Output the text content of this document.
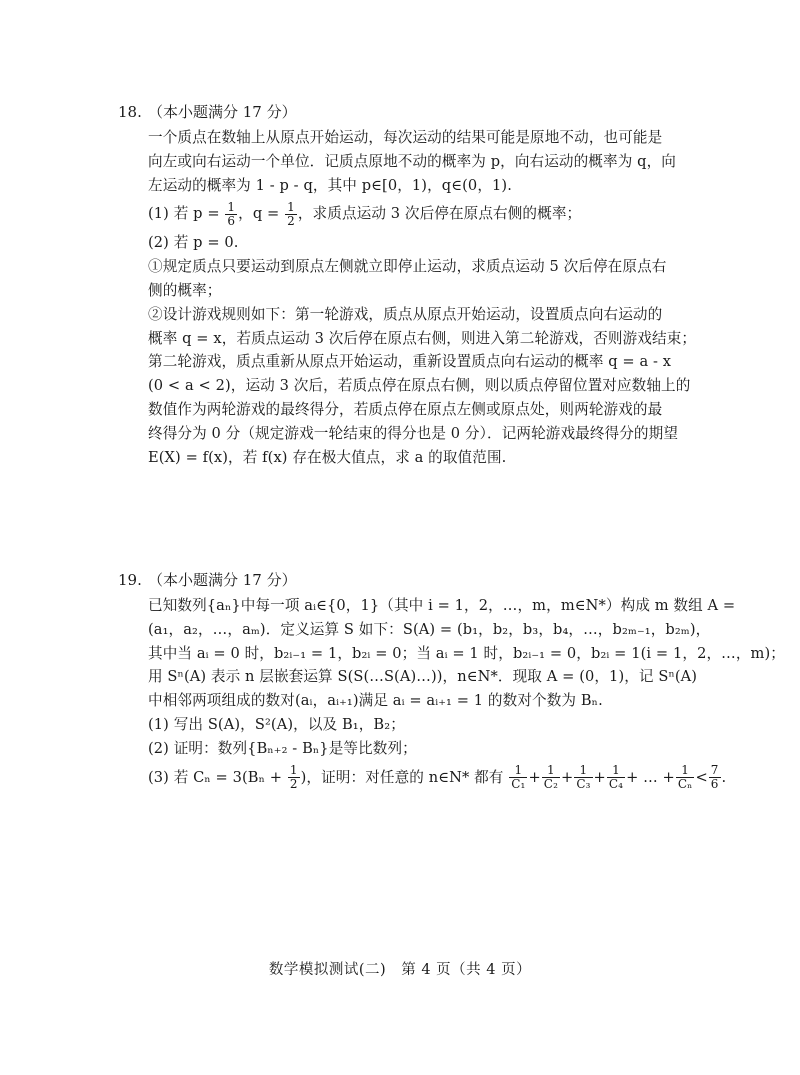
18. （本小题满分 17 分）
一个质点在数轴上从原点开始运动，每次运动的结果可能是原地不动，也可能是
向左或向右运动一个单位．记质点原地不动的概率为 p，向右运动的概率为 q，向
左运动的概率为 1 - p - q，其中 p∈[0，1)，q∈(0，1).
(1) 若 $p = \frac{1}{6}$ ，$q = \frac{1}{2}$ ，求质点运动 3 次后停在原点右侧的概率；
(2) 若 p = 0.
①规定质点只要运动到原点左侧就立即停止运动，求质点运动 5 次后停在原点右
侧的概率；
②设计游戏规则如下：第一轮游戏，质点从原点开始运动，设置质点向右运动的
概率 q = x，若质点运动 3 次后停在原点右侧，则进入第二轮游戏，否则游戏结束；
第二轮游戏，质点重新从原点开始运动，重新设置质点向右运动的概率 q = a - x
(0 < a < 2)，运动 3 次后，若质点停在原点右侧，则以质点停留位置对应数轴上的
数值作为两轮游戏的最终得分，若质点停在原点左侧或原点处，则两轮游戏的最
终得分为 0 分（规定游戏一轮结束的得分也是 0 分）．记两轮游戏最终得分的期望
E(X) = f(x)，若 f(x) 存在极大值点，求 a 的取值范围.
19. （本小题满分 17 分）
已知数列{aₙ}中每一项 aᵢ∈{0，1}（其中 i = 1，2，…，m，m∈N*）构成 m 数组 A =
(a₁，a₂，…，aₘ)．定义运算 S 如下：S(A) = (b₁，b₂，b₃，b₄，…，b₂ₘ₋₁，b₂ₘ)，
其中当 aᵢ = 0 时，b₂ᵢ₋₁ = 1，b₂ᵢ = 0；当 aᵢ = 1 时，b₂ᵢ₋₁ = 0，b₂ᵢ = 1(i = 1，2，…，m)；
用 Sⁿ(A) 表示 n 层嵌套运算 S(S(…S(A)…))，n∈N*．现取 A = (0，1)，记 Sⁿ(A)
中相邻两项组成的数对(aᵢ，aᵢ₊₁)满足 aᵢ = aᵢ₊₁ = 1 的数对个数为 Bₙ.
(1) 写出 S(A)，S²(A)，以及 B₁，B₂；
(2) 证明：数列{Bₙ₊₂ - Bₙ}是等比数列；
(3) 若 $C_n = 3(B_n + \frac{1}{2}$ )，证明：对任意的 n∈N* 都有 $\frac{1}{\text{C₁}} + \frac{1}{\text{C₂}} + \frac{1}{\text{C₃}} + \frac{1}{\text{C₄}}$ + … + $\frac{1}{\text{Cₙ}} < \frac{7}{6}$ .
数学模拟测试(二)　第 4 页（共 4 页）
